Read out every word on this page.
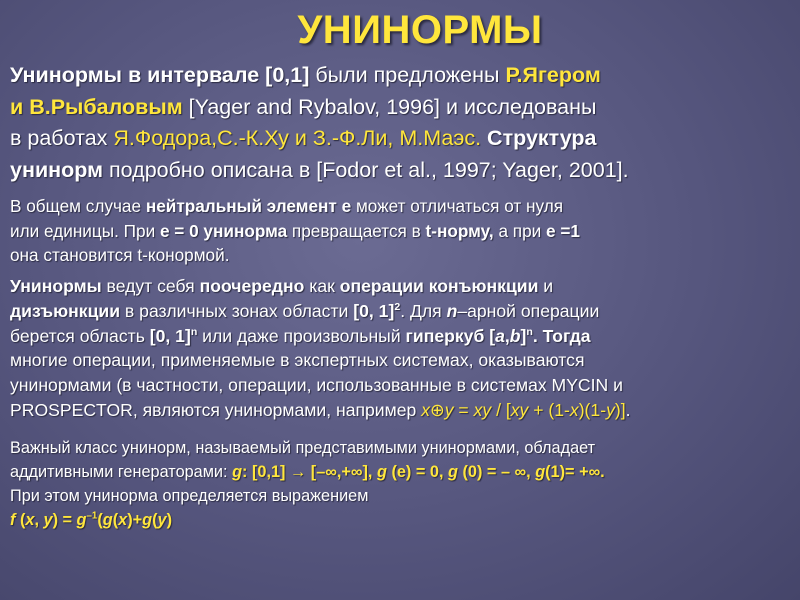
УНИНОРМЫ
Унинормы в интервале [0,1] были предложены Р.Ягером
и В.Рыбаловым [Yager and Rybalov, 1996] и исследованы
в работах Я.Фодора,С.-К.Ху и З.-Ф.Ли, М.Маэс. Структура
унинорм подробно описана в [Fodor et al., 1997; Yager, 2001].
В общем случае нейтральный элемент е может отличаться от нуля
или единицы. При е = 0 унинорма превращается в t-норму, а при е =1
она становится t-конормой.
Унинормы ведут себя поочередно как операции конъюнкции и
дизъюнкции в различных зонах области [0, 1]$^2$. Для n–арной операции
берется область [0, 1]$^n$ или даже произвольный гиперкуб $[a,b]^n$. Тогда
многие операции, применяемые в экспертных системах, оказываются
унинормами (в частности, операции, использованные в системах MYCIN и
PROSPECTOR, являются унинормами, например x⊕y = xy / [xy + (1-x)(1-y)].
Важный класс унинорм, называемый представимыми унинормами, обладает
аддитивными генераторами: g: [0,1] → [–∞,+∞], g (е) = 0, g (0) = – ∞, g(1)= +∞.
При этом унинорма определяется выражением
f (x, $y) = g^{-1}(g(x)+g(y)$
